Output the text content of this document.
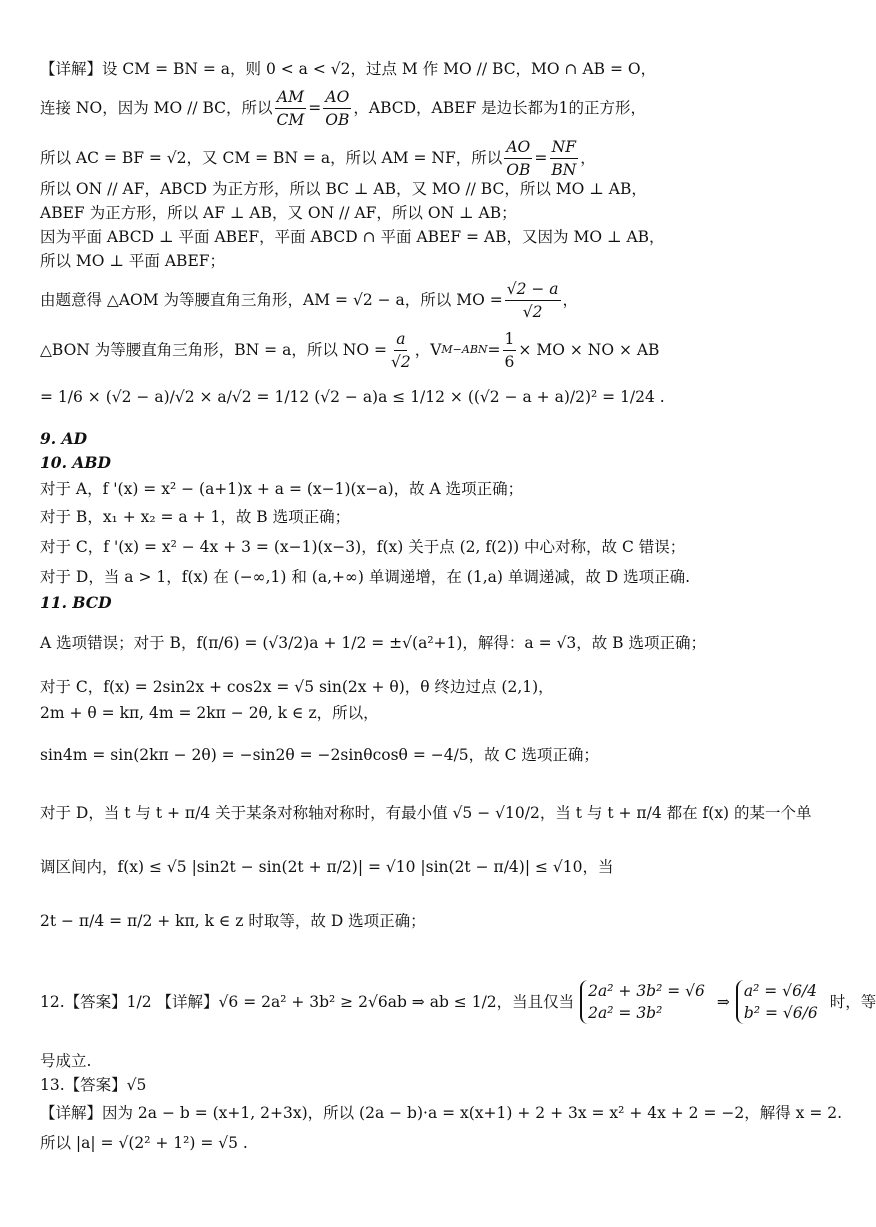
【详解】设 CM = BN = a，则 0 < a < √2，过点 M 作 MO // BC，MO ∩ AB = O，
连接 NO，因为 MO // BC，所以 $\frac{AM}{CM} = \frac{AO}{OB}$ ，ABCD，ABEF 是边长都为1的正方形，
所以 AC = BF = √2，又 CM = BN = a，所以 AM = NF，所以 $\frac{AO}{OB} = \frac{NF}{BN}$ ，
所以 ON // AF，ABCD 为正方形，所以 BC ⊥ AB，又 MO // BC，所以 MO ⊥ AB，
ABEF 为正方形，所以 AF ⊥ AB，又 ON // AF，所以 ON ⊥ AB；
因为平面 ABCD ⊥ 平面 ABEF，平面 ABCD ∩ 平面 ABEF = AB，又因为 MO ⊥ AB，
所以 MO ⊥ 平面 ABEF；
由题意得 △AOM 为等腰直角三角形，AM = √2 − a，所以 MO = $\frac{√2 - a}{√2}$ ，
△BON 为等腰直角三角形，BN = a，所以 NO = $\frac{a}{√2}$ ，V $M-ABN = \frac{1}{6}$ × MO × NO × AB
= 1/6 × (√2 − a)/√2 × a/√2 = 1/12 (√2 − a)a ≤ 1/12 × ((√2 − a + a)/2)² = 1/24 .
9. AD
10. ABD
对于 A，f '(x) = x² − (a+1)x + a = (x−1)(x−a)，故 A 选项正确；
对于 B，x₁ + x₂ = a + 1，故 B 选项正确；
对于 C，f '(x) = x² − 4x + 3 = (x−1)(x−3)，f(x) 关于点 (2, f(2)) 中心对称，故 C 错误；
对于 D，当 a > 1，f(x) 在 (−∞,1) 和 (a,+∞) 单调递增，在 (1,a) 单调递减，故 D 选项正确.
11. BCD
A 选项错误；对于 B，f(π/6) = (√3/2)a + 1/2 = ±√(a²+1)，解得：a = √3，故 B 选项正确；
对于 C，f(x) = 2sin2x + cos2x = √5 sin(2x + θ)，θ 终边过点 (2,1)，
2m + θ = kπ, 4m = 2kπ − 2θ, k ∈ z，所以，
sin4m = sin(2kπ − 2θ) = −sin2θ = −2sinθcosθ = −4/5，故 C 选项正确；
对于 D，当 t 与 t + π/4 关于某条对称轴对称时，有最小值 √5 − √10/2，当 t 与 t + π/4 都在 f(x) 的某一个单
调区间内，f(x) ≤ √5 |sin2t − sin(2t + π/2)| = √10 |sin(2t − π/4)| ≤ √10，当
2t − π/4 = π/2 + kπ, k ∈ z 时取等，故 D 选项正确；
12.【答案】1/2 【详解】√6 = 2a² + 3b² ≥ 2√6ab ⇒ ab ≤ 1/2，当且仅当
2a² + 3b² = √6
2a² = 3b²
⇒
a² = √6/4
b² = √6/6
时，等
号成立.
13.【答案】√5
【详解】因为 2a − b = (x+1, 2+3x)，所以 (2a − b)·a = x(x+1) + 2 + 3x = x² + 4x + 2 = −2，解得 x = 2.
所以 |a| = √(2² + 1²) = √5 .
